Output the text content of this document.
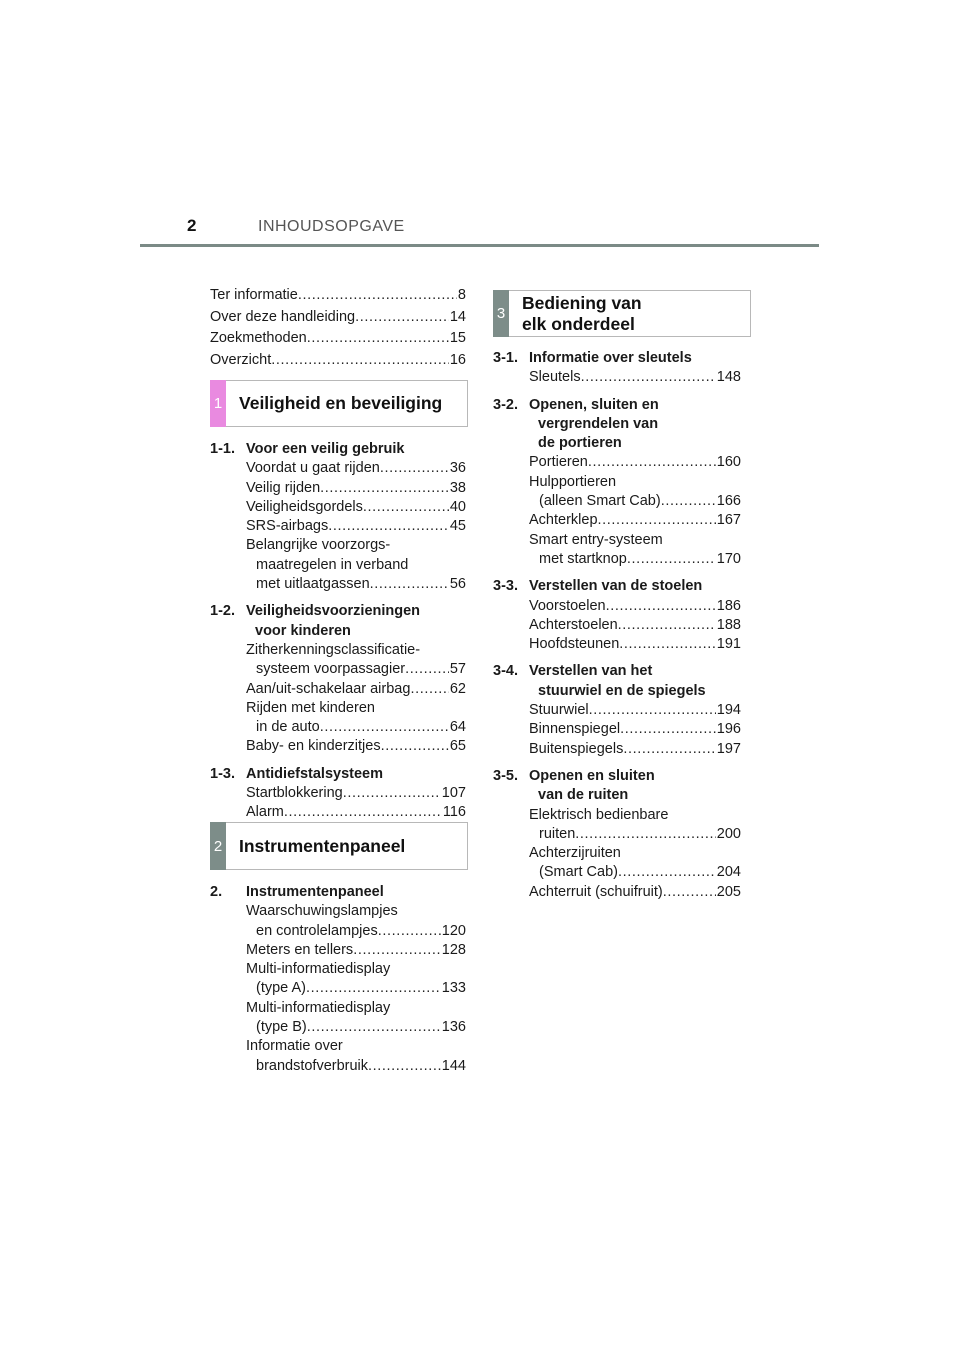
2	INHOUDSOPGAVE
Ter informatie .....	8
Over deze handleiding .....	14
Zoekmethoden .....	15
Overzicht .....	16
1 Veiligheid en beveiliging
1-1. Voor een veilig gebruik
Voordat u gaat rijden .....	36
Veilig rijden .....	38
Veiligheidsgordels .....	40
SRS-airbags .....	45
Belangrijke voorzorgs-
maatregelen in verband
met uitlaatgassen .....	56
1-2. Veiligheidsvoorzieningen
voor kinderen
Zitherkenningsclassificatie-
systeem voorpassagier .....	57
Aan/uit-schakelaar airbag .....	62
Rijden met kinderen
in de auto .....	64
Baby- en kinderzitjes .....	65
1-3. Antidiefstalsysteem
Startblokkering .....	107
Alarm .....	116
2 Instrumentenpaneel
2.	Instrumentenpaneel
Waarschuwingslampjes
en controlelampjes .....	120
Meters en tellers .....	128
Multi-informatiedisplay
(type A) .....	133
Multi-informatiedisplay
(type B) .....	136
Informatie over
brandstofverbruik .....	144
3
Bediening van
elk onderdeel
3-1. Informatie over sleutels
Sleutels .....	148
3-2. Openen, sluiten en
vergrendelen van
de portieren
Portieren .....	160
Hulpportieren
(alleen Smart Cab) .....	166
Achterklep .....	167
Smart entry-systeem
met startknop .....	170
3-3. Verstellen van de stoelen
Voorstoelen .....	186
Achterstoelen .....	188
Hoofdsteunen .....	191
3-4. Verstellen van het
stuurwiel en de spiegels
Stuurwiel .....	194
Binnenspiegel .....	196
Buitenspiegels .....	197
3-5. Openen en sluiten
van de ruiten
Elektrisch bedienbare
ruiten .....	200
Achterzijruiten
(Smart Cab) .....	204
Achterruit (schuifruit) .....	205
